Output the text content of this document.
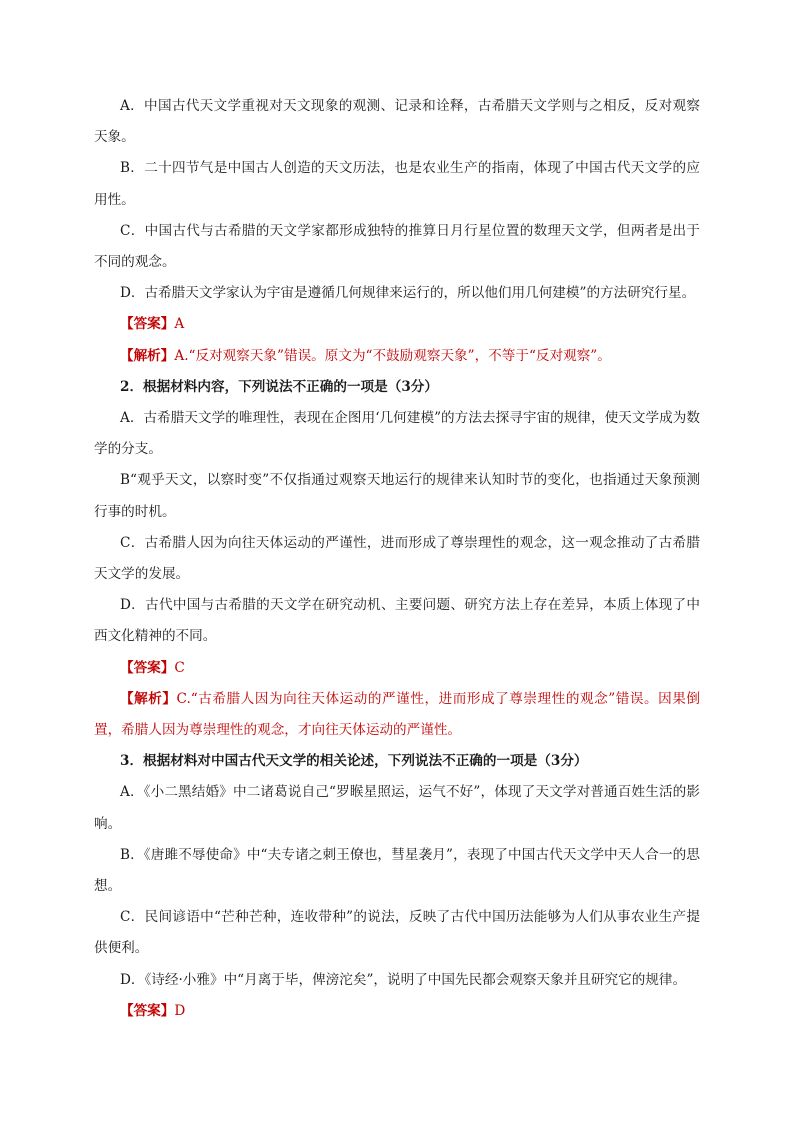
A．中国古代天文学重视对天文现象的观测、记录和诠释，古希腊天文学则与之相反，反对观察天象。

B．二十四节气是中国古人创造的天文历法，也是农业生产的指南，体现了中国古代天文学的应用性。

C．中国古代与古希腊的天文学家都形成独特的推算日月行星位置的数理天文学，但两者是出于不同的观念。

D．古希腊天文学家认为宇宙是遵循几何规律来运行的，所以他们用几何建模”的方法研究行星。

【答案】A

【解析】A.“反对观察天象”错误。原文为“不鼓励观察天象”，不等于“反对观察”。

2．根据材料内容，下列说法不正确的一项是（3分）

A．古希腊天文学的唯理性，表现在企图用‘几何建模”的方法去探寻宇宙的规律，使天文学成为数学的分支。

B“观乎天文，以察时变”不仅指通过观察天地运行的规律来认知时节的变化，也指通过天象预测行事的时机。

C．古希腊人因为向往天体运动的严谨性，进而形成了尊崇理性的观念，这一观念推动了古希腊天文学的发展。

D．古代中国与古希腊的天文学在研究动机、主要问题、研究方法上存在差异，本质上体现了中西文化精神的不同。

【答案】C

【解析】C.“古希腊人因为向往天体运动的严谨性，进而形成了尊崇理性的观念”错误。因果倒置，希腊人因为尊崇理性的观念，才向往天体运动的严谨性。

3．根据材料对中国古代天文学的相关论述，下列说法不正确的一项是（3分）

A．《小二黑结婚》中二诸葛说自己“罗睺星照运，运气不好”，体现了天文学对普通百姓生活的影响。

B．《唐雎不辱使命》中“夫专诸之刺王僚也，彗星袭月”，表现了中国古代天文学中天人合一的思想。

C．民间谚语中“芒种芒种，连收带种”的说法，反映了古代中国历法能够为人们从事农业生产提供便利。

D．《诗经·小雅》中“月离于毕，俾滂沱矣”，说明了中国先民都会观察天象并且研究它的规律。

【答案】D
